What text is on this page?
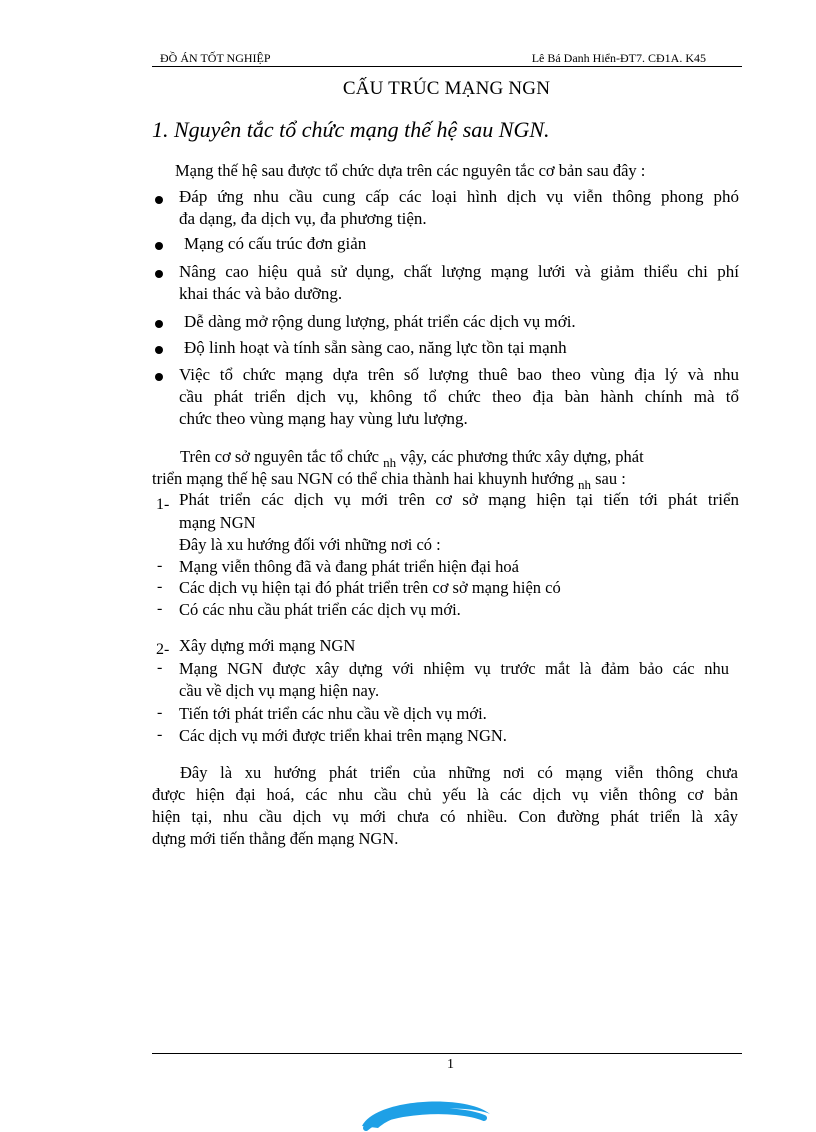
ĐỒ ÁN TỐT NGHIỆP	Lê Bá Danh Hiển-ĐT7. CĐ1A. K45
CẤU TRÚC MẠNG NGN
1. Nguyên tắc tổ chức mạng thế hệ sau NGN.
Mạng thế hệ sau được tổ chức dựa trên các nguyên tắc cơ bản sau đây :
Đáp ứng nhu cầu cung cấp các loại hình dịch vụ viễn thông phong phó
đa dạng, đa dịch vụ, đa phương tiện.
Mạng có cấu trúc đơn giản
Nâng cao hiệu quả sử dụng, chất lượng mạng lưới và giảm thiểu chi phí
khai thác và bảo dưỡng.
Dễ dàng mở rộng dung lượng, phát triển các dịch vụ mới.
Độ linh hoạt và tính sẵn sàng cao, năng lực tồn tại mạnh
Việc tổ chức mạng dựa trên số lượng thuê bao theo vùng địa lý và nhu
cầu phát triển dịch vụ, không tổ chức theo địa bàn hành chính mà tổ
chức theo vùng mạng hay vùng lưu lượng.
Trên cơ sở nguyên tắc tổ chức $_{nh}$ vậy, các phương thức xây dựng, phát
triển mạng thế hệ sau NGN có thể chia thành hai khuynh hướng $_{nh}$ sau :
1- Phát triển các dịch vụ mới trên cơ sở mạng hiện tại tiến tới phát triển
mạng NGN
Đây là xu hướng đối với những nơi có :
- Mạng viễn thông đã và đang phát triển hiện đại hoá
- Các dịch vụ hiện tại đó phát triển trên cơ sở mạng hiện có
- Có các nhu cầu phát triển các dịch vụ mới.
2- Xây dựng mới mạng NGN
- Mạng NGN được xây dựng với nhiệm vụ trước mắt là đảm bảo các nhu
cầu về dịch vụ mạng hiện nay.
- Tiến tới phát triển các nhu cầu về dịch vụ mới.
- Các dịch vụ mới được triển khai trên mạng NGN.
Đây là xu hướng phát triển của những nơi có mạng viễn thông chưa
được hiện đại hoá, các nhu cầu chủ yếu là các dịch vụ viễn thông cơ bản
hiện tại, nhu cầu dịch vụ mới chưa có nhiều. Con đường phát triển là xây
dựng mới tiến thẳng đến mạng NGN.
1
